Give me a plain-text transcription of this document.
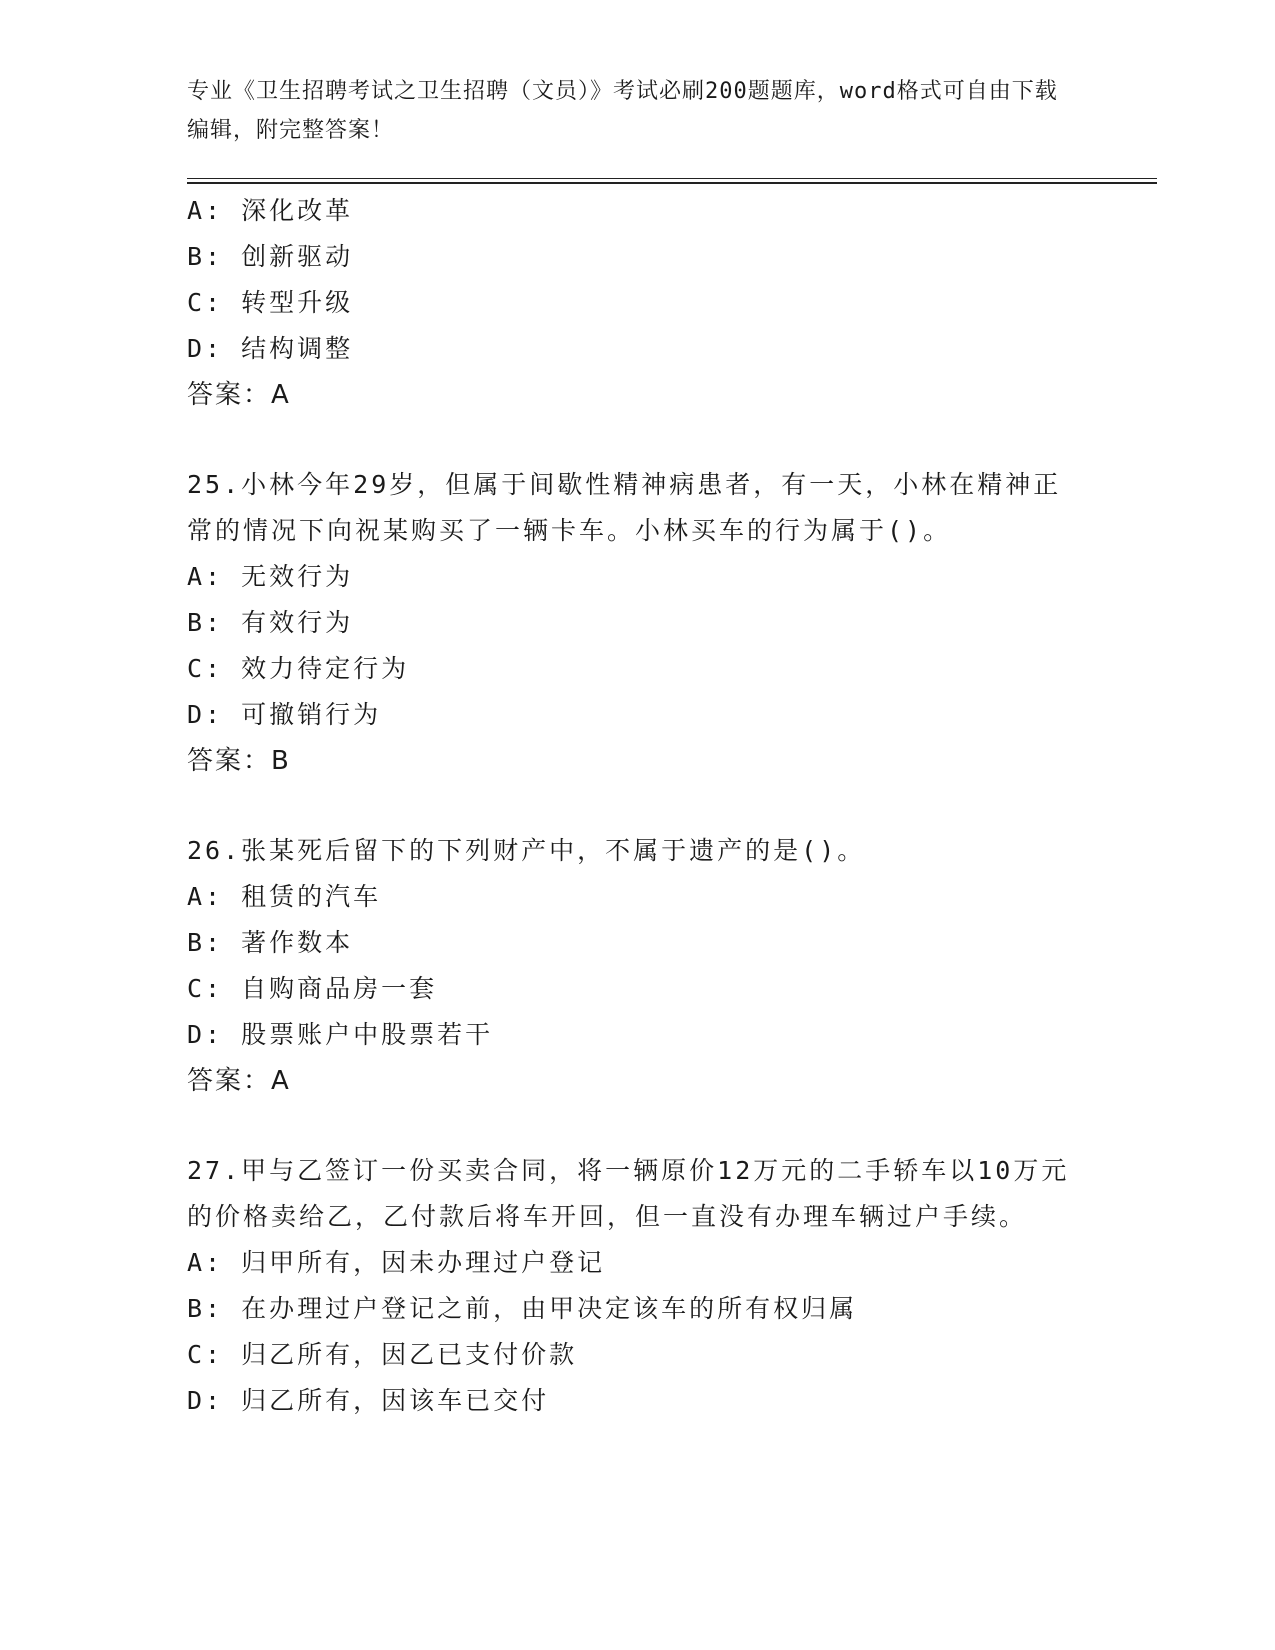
专业《卫生招聘考试之卫生招聘（文员）》考试必刷200题题库，word格式可自由下载编辑，附完整答案！
A: 深化改革
B: 创新驱动
C: 转型升级
D: 结构调整
答案：A
25.小林今年29岁，但属于间歇性精神病患者，有一天，小林在精神正常的情况下向祝某购买了一辆卡车。小林买车的行为属于()。
A: 无效行为
B: 有效行为
C: 效力待定行为
D: 可撤销行为
答案：B
26.张某死后留下的下列财产中，不属于遗产的是()。
A: 租赁的汽车
B: 著作数本
C: 自购商品房一套
D: 股票账户中股票若干
答案：A
27.甲与乙签订一份买卖合同，将一辆原价12万元的二手轿车以10万元的价格卖给乙，乙付款后将车开回，但一直没有办理车辆过户手续。
A: 归甲所有，因未办理过户登记
B: 在办理过户登记之前，由甲决定该车的所有权归属
C: 归乙所有，因乙已支付价款
D: 归乙所有，因该车已交付
